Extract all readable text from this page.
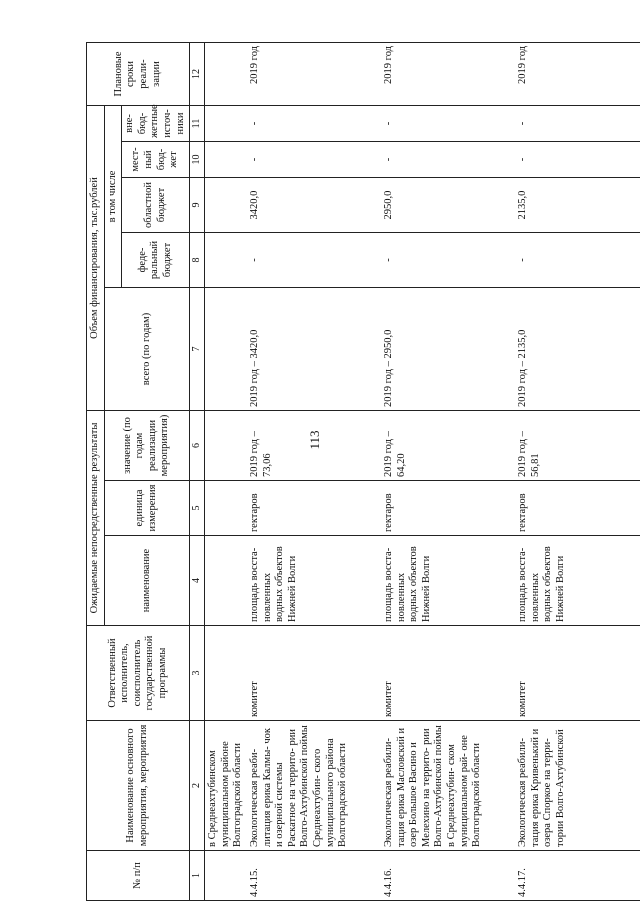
113
№ п/п	Наименование основного мероприятия, мероприятия	Ответственный исполнитель, соисполнитель государственной программы	Ожидаемые непосредственные результаты			Объем финансирования, тыс.рублей					Плановые сроки реали- зации
			наименование	единица измерения	значение (по годам реализации мероприятия)	всего (по годам)	в том числе				
							феде- ральный бюджет	областной бюджет	мест- ный бюд- жет	вне- бюд- жетные источ- ники	
1	2	3	4	5	6	7	8	9	10	11	12
	в Среднеахтубинском муниципальном районе Волгоградской области										
4.4.15.	Экологическая реаби- литация ерика Калмы- чок и озерной системы Раскатное на террито- рии Волго-Ахтубинской поймы Среднеахтубин- ского муниципального района Волгоградской области	комитет	площадь восста- новленных водных объектов Нижней Волги	гектаров	2019 год – 73,06	2019 год – 3420,0	-	3420,0	-	-	2019 год
4.4.16.	Экологическая реабили- тация ерика Масловский и озер Большое Васино и Мелехино на террито- рии Волго-Ахтубинской поймы в Среднеахтубин- ском муниципальном рай- оне Волгоградской области	комитет	площадь восста- новленных водных объектов Нижней Волги	гектаров	2019 год – 64,20	2019 год – 2950,0	-	2950,0	-	-	2019 год
4.4.17.	Экологическая реабили- тация ерика Кривенький и озера Споркое на терри- тории Волго-Ахтубинской	комитет	площадь восста- новленных водных объектов Нижней Волги	гектаров	2019 год – 56,81	2019 год – 2135,0	-	2135,0	-	-	2019 год
